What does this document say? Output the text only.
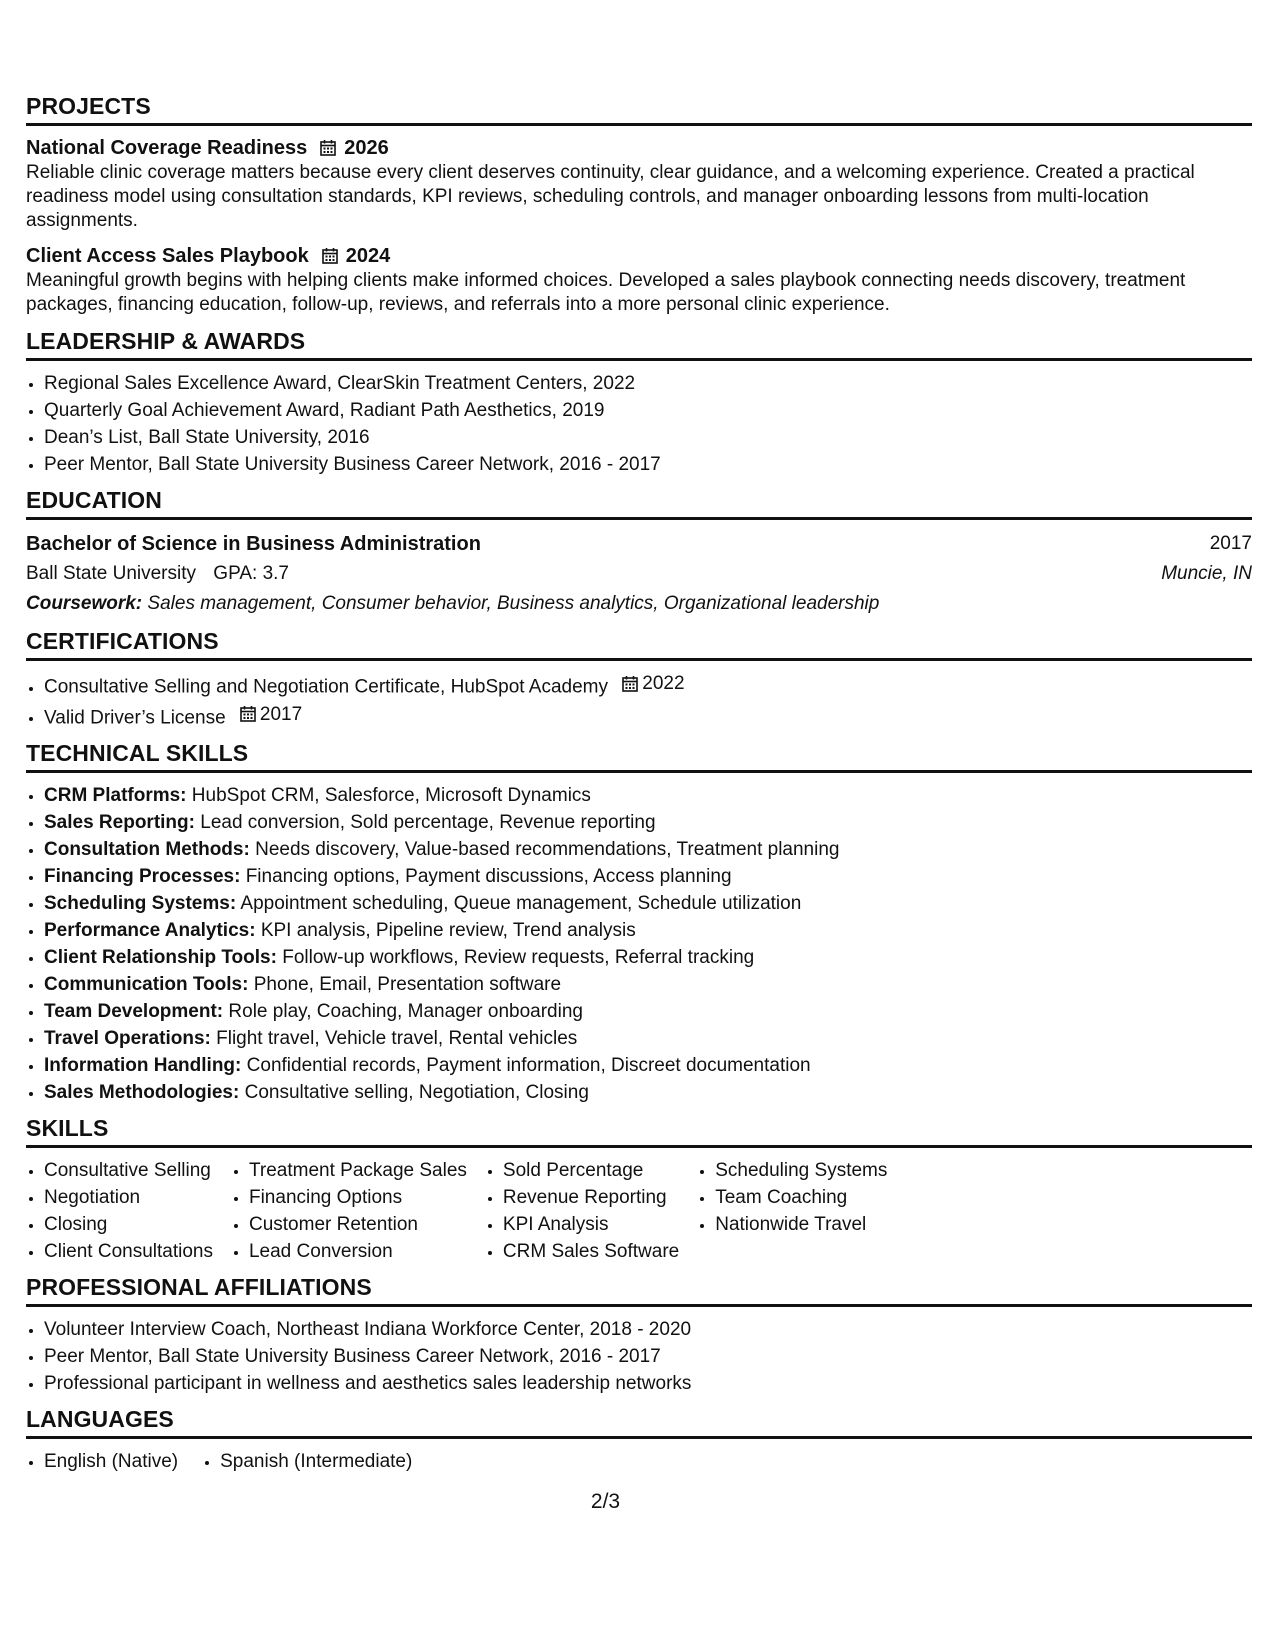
PROJECTS
National Coverage Readiness 2026
Reliable clinic coverage matters because every client deserves continuity, clear guidance, and a welcoming experience. Created a practical readiness model using consultation standards, KPI reviews, scheduling controls, and manager onboarding lessons from multi-location assignments.
Client Access Sales Playbook 2024
Meaningful growth begins with helping clients make informed choices. Developed a sales playbook connecting needs discovery, treatment packages, financing education, follow-up, reviews, and referrals into a more personal clinic experience.
LEADERSHIP & AWARDS
• Regional Sales Excellence Award, ClearSkin Treatment Centers, 2022
• Quarterly Goal Achievement Award, Radiant Path Aesthetics, 2019
• Dean’s List, Ball State University, 2016
• Peer Mentor, Ball State University Business Career Network, 2016 - 2017
EDUCATION
Bachelor of Science in Business Administration	2017
Ball State University GPA: 3.7	Muncie, IN
Coursework: Sales management, Consumer behavior, Business analytics, Organizational leadership
CERTIFICATIONS
• Consultative Selling and Negotiation Certificate, HubSpot Academy 2022
• Valid Driver’s License 2017
TECHNICAL SKILLS
• CRM Platforms: HubSpot CRM, Salesforce, Microsoft Dynamics
• Sales Reporting: Lead conversion, Sold percentage, Revenue reporting
• Consultation Methods: Needs discovery, Value-based recommendations, Treatment planning
• Financing Processes: Financing options, Payment discussions, Access planning
• Scheduling Systems: Appointment scheduling, Queue management, Schedule utilization
• Performance Analytics: KPI analysis, Pipeline review, Trend analysis
• Client Relationship Tools: Follow-up workflows, Review requests, Referral tracking
• Communication Tools: Phone, Email, Presentation software
• Team Development: Role play, Coaching, Manager onboarding
• Travel Operations: Flight travel, Vehicle travel, Rental vehicles
• Information Handling: Confidential records, Payment information, Discreet documentation
• Sales Methodologies: Consultative selling, Negotiation, Closing
SKILLS
• Consultative Selling
• Negotiation
• Closing
• Client Consultations
• Treatment Package Sales
• Financing Options
• Customer Retention
• Lead Conversion
• Sold Percentage
• Revenue Reporting
• KPI Analysis
• CRM Sales Software
• Scheduling Systems
• Team Coaching
• Nationwide Travel
PROFESSIONAL AFFILIATIONS
• Volunteer Interview Coach, Northeast Indiana Workforce Center, 2018 - 2020
• Peer Mentor, Ball State University Business Career Network, 2016 - 2017
• Professional participant in wellness and aesthetics sales leadership networks
LANGUAGES
• English (Native)
• Spanish (Intermediate)
2/3
